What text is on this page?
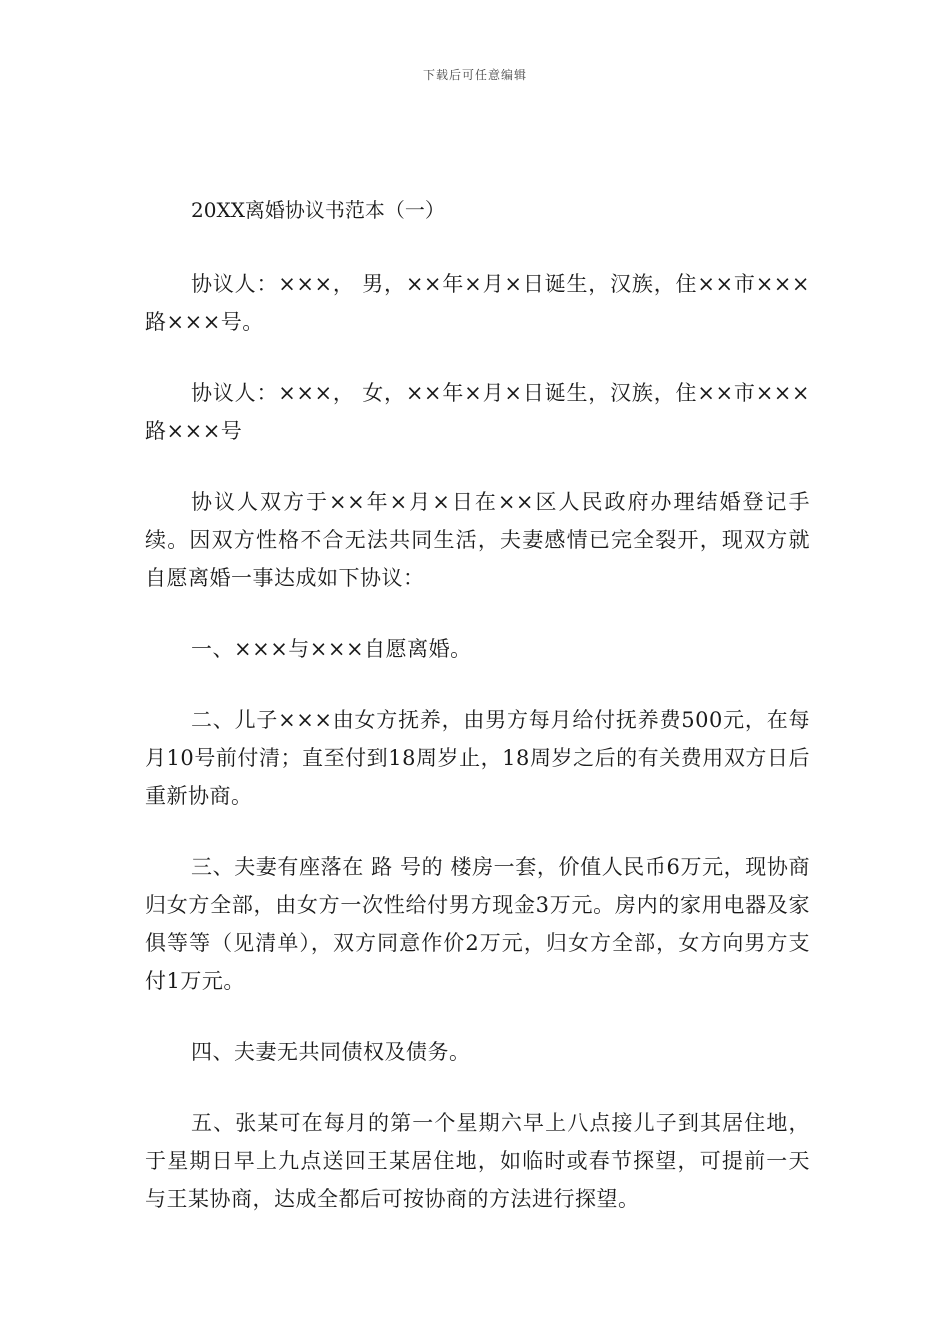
下载后可任意编辑
20XX离婚协议书范本（一）

协议人：×××， 男，××年×月×日诞生，汉族，住××市×××路×××号。

协议人：×××， 女，××年×月×日诞生，汉族，住××市×××路×××号

协议人双方于××年×月×日在××区人民政府办理结婚登记手续。因双方性格不合无法共同生活，夫妻感情已完全裂开，现双方就自愿离婚一事达成如下协议：

一、×××与×××自愿离婚。

二、儿子×××由女方抚养，由男方每月给付抚养费500元，在每月10号前付清；直至付到18周岁止，18周岁之后的有关费用双方日后重新协商。

三、夫妻有座落在 路 号的 楼房一套，价值人民币6万元，现协商归女方全部，由女方一次性给付男方现金3万元。房内的家用电器及家俱等等（见清单），双方同意作价2万元，归女方全部，女方向男方支付1万元。

四、夫妻无共同债权及债务。

五、张某可在每月的第一个星期六早上八点接儿子到其居住地，于星期日早上九点送回王某居住地，如临时或春节探望，可提前一天与王某协商，达成全都后可按协商的方法进行探望。
